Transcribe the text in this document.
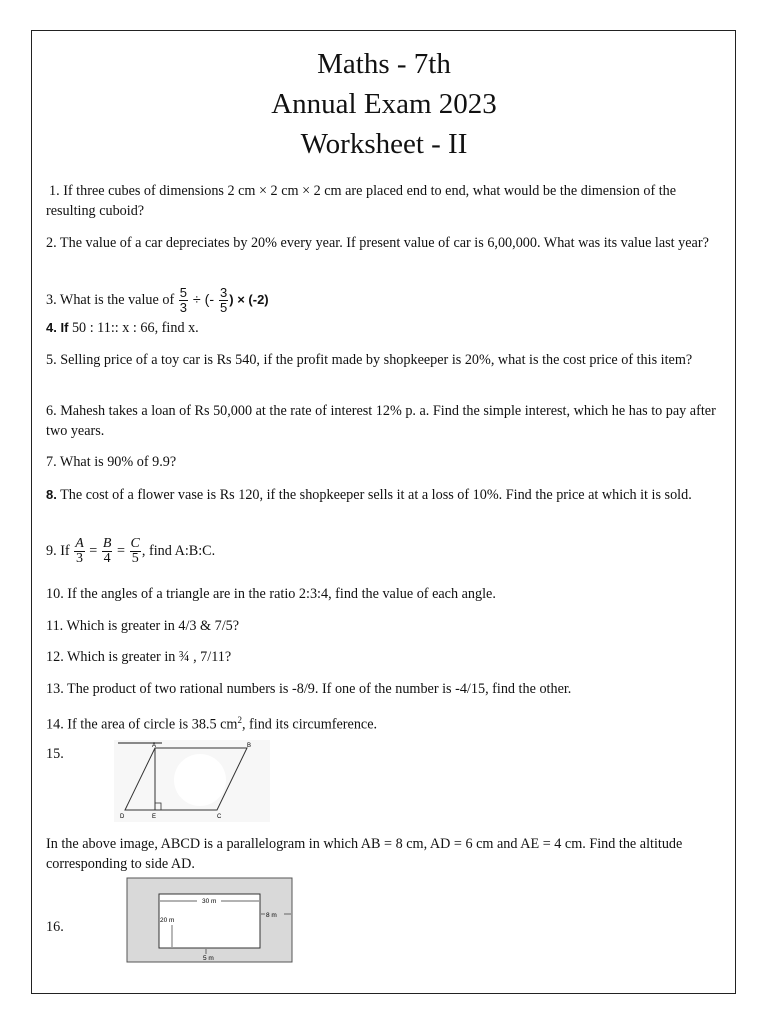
Maths - 7th
Annual Exam 2023
Worksheet - II

1. If three cubes of dimensions 2 cm × 2 cm × 2 cm are placed end to end, what would be the dimension of the resulting cuboid?

2. The value of a car depreciates by 20% every year. If present value of car is 6,00,000. What was its value last year?

3. What is the value of $\frac{5}{3}$ ÷ (- $\frac{3}{5}$ ) × (-2)

4. If 50 : 11:: x : 66, find x.

5. Selling price of a toy car is Rs 540, if the profit made by shopkeeper is 20%, what is the cost price of this item?

6. Mahesh takes a loan of Rs 50,000 at the rate of interest 12% p. a. Find the simple interest, which he has to pay after two years.

7. What is 90% of 9.9?

8. The cost of a flower vase is Rs 120, if the shopkeeper sells it at a loss of 10%. Find the price at which it is sold.

9. If $\frac{A}{3} = \frac{B}{4} = \frac{C}{5}$ , find A:B:C.

10. If the angles of a triangle are in the ratio 2:3:4, find the value of each angle.

11. Which is greater in 4/3 & 7/5?

12. Which is greater in ¾ , 7/11?

13. The product of two rational numbers is -8/9. If one of the number is -4/15, find the other.

14. If the area of circle is 38.5 $cm^2$, find its circumference.

15.	A	B
C
D	E

In the above image, ABCD is a parallelogram in which AB = 8 cm, AD = 6 cm and AE = 4 cm. Find the altitude corresponding to side AD.

16.

30 m
20 m
8 m
5 m
